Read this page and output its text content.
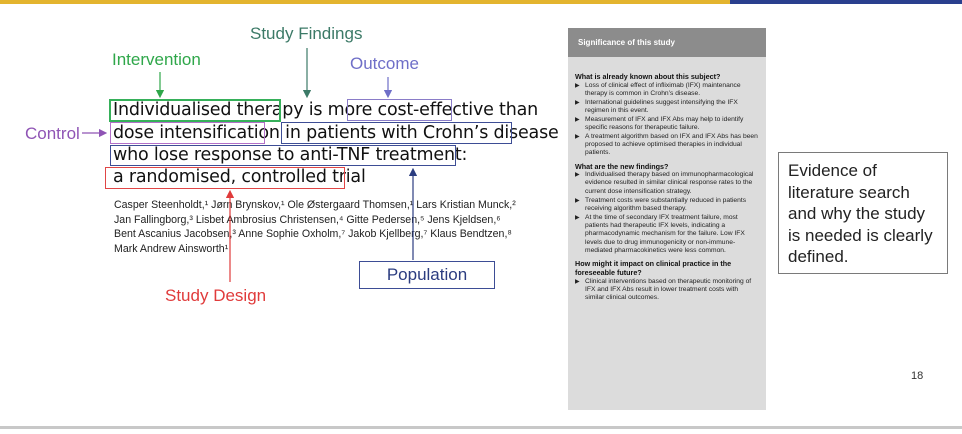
Study Findings
Intervention	Outcome
Control
Study Design
Population
Individualised therapy is more cost-effective than
dose intensification in patients with Crohn’s disease
who lose response to anti-TNF treatment:
a randomised, controlled trial
Casper Steenholdt,¹ Jørn Brynskov,¹ Ole Østergaard Thomsen,¹ Lars Kristian Munck,²
Jan Fallingborg,³ Lisbet Ambrosius Christensen,⁴ Gitte Pedersen,⁵ Jens Kjeldsen,⁶
Bent Ascanius Jacobsen,³ Anne Sophie Oxholm,⁷ Jakob Kjellberg,⁷ Klaus Bendtzen,⁸
Mark Andrew Ainsworth¹
Significance of this study
What is already known about this subject?
▶ Loss of clinical effect of infliximab (IFX) maintenance therapy is common in Crohn’s disease.
▶ International guidelines suggest intensifying the IFX regimen in this event.
▶ Measurement of IFX and IFX Abs may help to identify specific reasons for therapeutic failure.
▶ A treatment algorithm based on IFX and IFX Abs has been proposed to achieve optimised therapies in individual patients.
What are the new findings?
▶ Individualised therapy based on immunopharmacological evidence resulted in similar clinical response rates to the current dose intensification strategy.
▶ Treatment costs were substantially reduced in patients receiving algorithm based therapy.
▶ At the time of secondary IFX treatment failure, most patients had therapeutic IFX levels, indicating a pharmacodynamic mechanism for the failure. Low IFX levels due to drug immunogenicity or non-immune-mediated pharmacokinetics were less common.
How might it impact on clinical practice in the foreseeable future?
▶ Clinical interventions based on therapeutic monitoring of IFX and IFX Abs result in lower treatment costs with similar clinical outcomes.
Evidence of literature search and why the study is needed is clearly defined.
18
